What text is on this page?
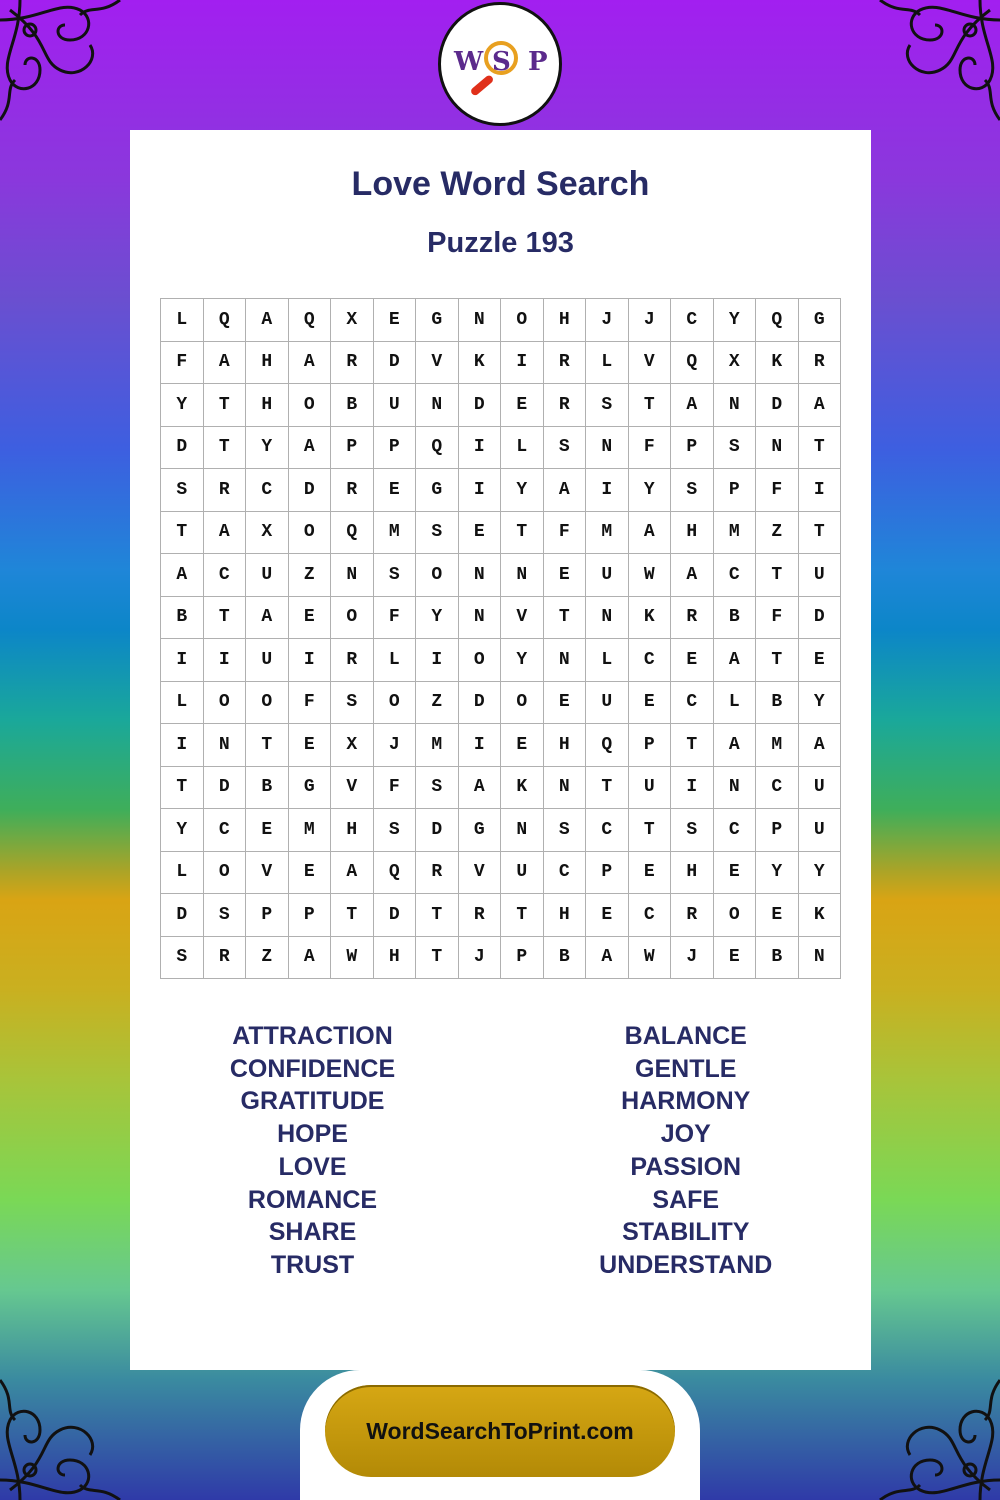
Love Word Search
Puzzle 193
L	Q	A	Q	X	E	G	N	O	H	J	J	C	Y	Q	G
F	A	H	A	R	D	V	K	I	R	L	V	Q	X	K	R
Y	T	H	O	B	U	N	D	E	R	S	T	A	N	D	A
D	T	Y	A	P	P	Q	I	L	S	N	F	P	S	N	T
S	R	C	D	R	E	G	I	Y	A	I	Y	S	P	F	I
T	A	X	O	Q	M	S	E	T	F	M	A	H	M	Z	T
A	C	U	Z	N	S	O	N	N	E	U	W	A	C	T	U
B	T	A	E	O	F	Y	N	V	T	N	K	R	B	F	D
I	I	U	I	R	L	I	O	Y	N	L	C	E	A	T	E
L	O	O	F	S	O	Z	D	O	E	U	E	C	L	B	Y
I	N	T	E	X	J	M	I	E	H	Q	P	T	A	M	A
T	D	B	G	V	F	S	A	K	N	T	U	I	N	C	U
Y	C	E	M	H	S	D	G	N	S	C	T	S	C	P	U
L	O	V	E	A	Q	R	V	U	C	P	E	H	E	Y	Y
D	S	P	P	T	D	T	R	T	H	E	C	R	O	E	K
S	R	Z	A	W	H	T	J	P	B	A	W	J	E	B	N
ATTRACTION
CONFIDENCE
GRATITUDE
HOPE
LOVE
ROMANCE
SHARE
TRUST
BALANCE
GENTLE
HARMONY
JOY
PASSION
SAFE
STABILITY
UNDERSTAND
W S P
WordSearchToPrint.com
